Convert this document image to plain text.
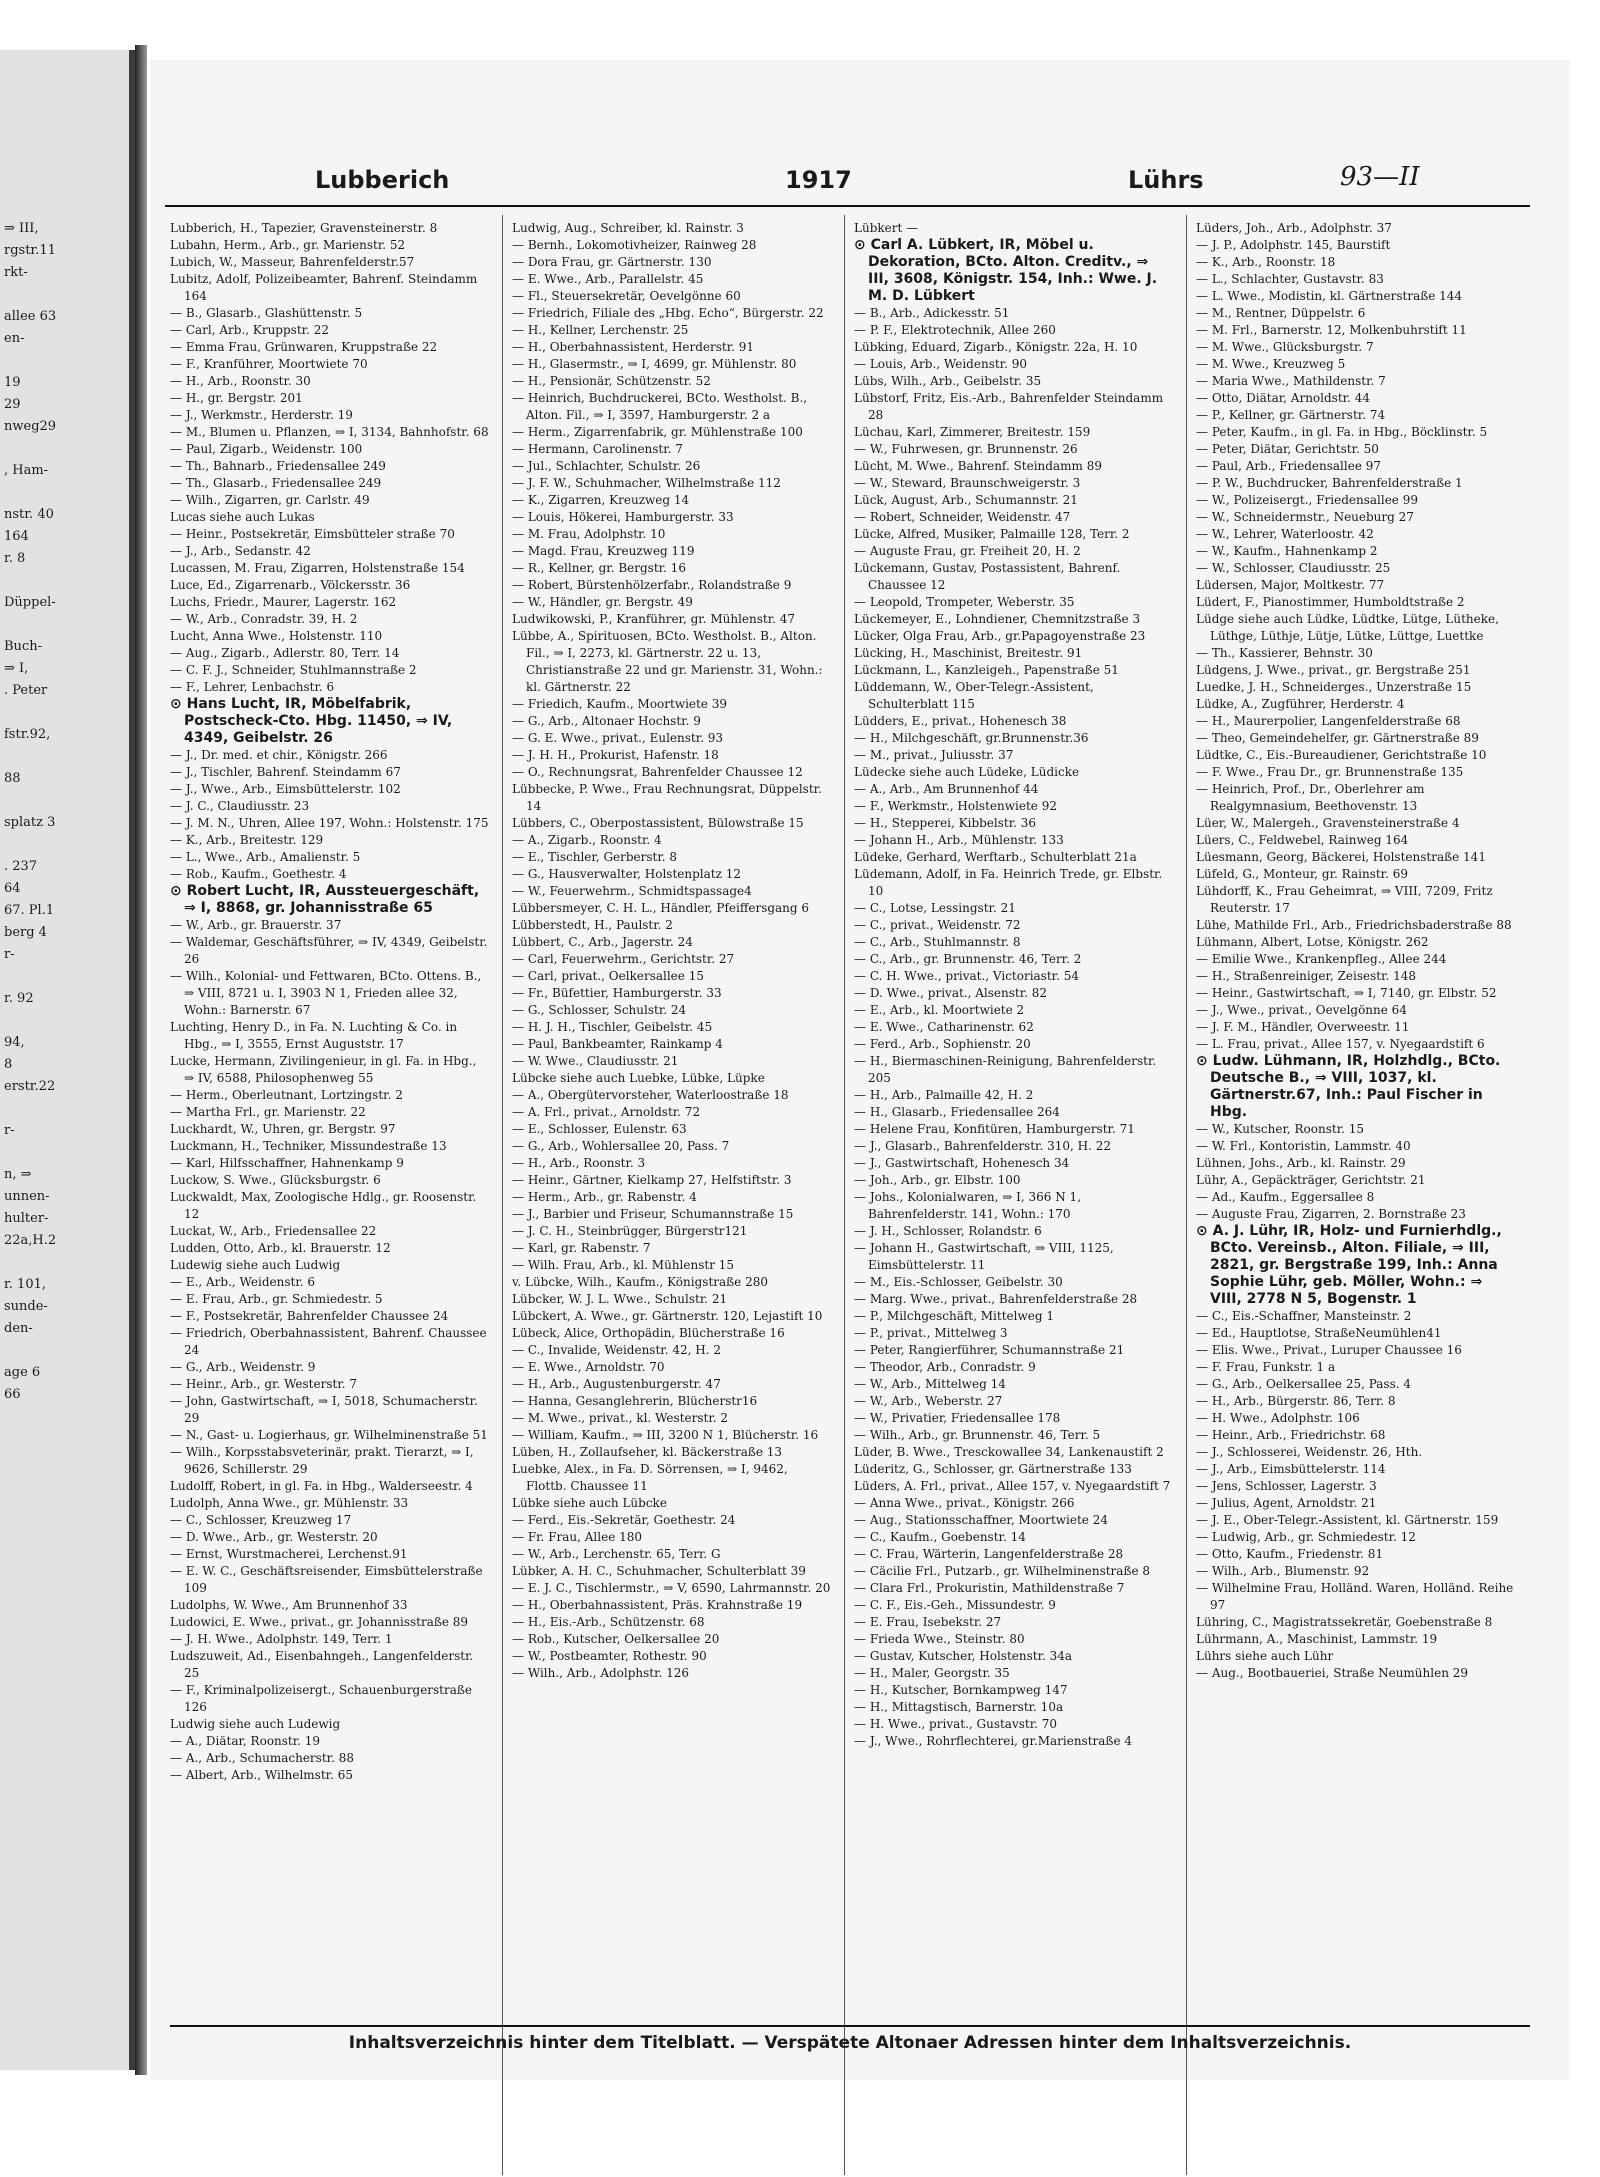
⇒ III,
rgstr.11
rkt-

allee 63
en-

19
29
nweg29

, Ham-

nstr. 40
164
r. 8

Düppel-

Buch-
⇒ I,
. Peter

fstr.92,

88

splatz 3

. 237
64
67. Pl.1
berg 4
r-

r. 92

94,
8
erstr.22

r-

n, ⇒
unnen-
hulter-
22a,H.2

r. 101,
sunde-
den-

age 6
66
Lubberich	1917	Lührs	93—II

Lubberich, H., Tapezier, Gravensteinerstr. 8

Lubahn, Herm., Arb., gr. Marienstr. 52

Lubich, W., Masseur, Bahrenfelderstr.57

Lubitz, Adolf, Polizeibeamter, Bahrenf. Steindamm 164

— B., Glasarb., Glashüttenstr. 5

— Carl, Arb., Kruppstr. 22

— Emma Frau, Grünwaren, Kruppstraße 22

— F., Kranführer, Moortwiete 70

— H., Arb., Roonstr. 30

— H., gr. Bergstr. 201

— J., Werkmstr., Herderstr. 19

— M., Blumen u. Pflanzen, ⇒ I, 3134, Bahnhofstr. 68

— Paul, Zigarb., Weidenstr. 100

— Th., Bahnarb., Friedensallee 249

— Th., Glasarb., Friedensallee 249

— Wilh., Zigarren, gr. Carlstr. 49

Lucas siehe auch Lukas

— Heinr., Postsekretär, Eimsbütteler straße 70

— J., Arb., Sedanstr. 42

Lucassen, M. Frau, Zigarren, Holstenstraße 154

Luce, Ed., Zigarrenarb., Völckersstr. 36

Luchs, Friedr., Maurer, Lagerstr. 162

— W., Arb., Conradstr. 39, H. 2

Lucht, Anna Wwe., Holstenstr. 110

— Aug., Zigarb., Adlerstr. 80, Terr. 14

— C. F. J., Schneider, Stuhlmannstraße 2

— F., Lehrer, Lenbachstr. 6

⊙ Hans Lucht, IR, Möbelfabrik, Postscheck-Cto. Hbg. 11450, ⇒ IV, 4349, Geibelstr. 26

— J., Dr. med. et chir., Königstr. 266

— J., Tischler, Bahrenf. Steindamm 67

— J., Wwe., Arb., Eimsbüttelerstr. 102

— J. C., Claudiusstr. 23

— J. M. N., Uhren, Allee 197, Wohn.: Holstenstr. 175

— K., Arb., Breitestr. 129

— L., Wwe., Arb., Amalienstr. 5

— Rob., Kaufm., Goethestr. 4

⊙ Robert Lucht, IR, Aussteuergeschäft, ⇒ I, 8868, gr. Johannisstraße 65

— W., Arb., gr. Brauerstr. 37

— Waldemar, Geschäftsführer, ⇒ IV, 4349, Geibelstr. 26

— Wilh., Kolonial- und Fettwaren, BCto. Ottens. B., ⇒ VIII, 8721 u. I, 3903 N 1, Frieden allee 32, Wohn.: Barnerstr. 67

Luchting, Henry D., in Fa. N. Luchting & Co. in Hbg., ⇒ I, 3555, Ernst Auguststr. 17

Lucke, Hermann, Zivilingenieur, in gl. Fa. in Hbg., ⇒ IV, 6588, Philosophenweg 55

— Herm., Oberleutnant, Lortzingstr. 2

— Martha Frl., gr. Marienstr. 22

Luckhardt, W., Uhren, gr. Bergstr. 97

Luckmann, H., Techniker, Missundestraße 13

— Karl, Hilfsschaffner, Hahnenkamp 9

Luckow, S. Wwe., Glücksburgstr. 6

Luckwaldt, Max, Zoologische Hdlg., gr. Roosenstr. 12

Luckat, W., Arb., Friedensallee 22

Ludden, Otto, Arb., kl. Brauerstr. 12

Ludewig siehe auch Ludwig

— E., Arb., Weidenstr. 6

— E. Frau, Arb., gr. Schmiedestr. 5

— F., Postsekretär, Bahrenfelder Chaussee 24

— Friedrich, Oberbahnassistent, Bahrenf. Chaussee 24

— G., Arb., Weidenstr. 9

— Heinr., Arb., gr. Westerstr. 7

— John, Gastwirtschaft, ⇒ I, 5018, Schumacherstr. 29

— N., Gast- u. Logierhaus, gr. Wilhelminenstraße 51

— Wilh., Korpsstabsveterinär, prakt. Tierarzt, ⇒ I, 9626, Schillerstr. 29

Ludolff, Robert, in gl. Fa. in Hbg., Walderseestr. 4

Ludolph, Anna Wwe., gr. Mühlenstr. 33

— C., Schlosser, Kreuzweg 17

— D. Wwe., Arb., gr. Westerstr. 20

— Ernst, Wurstmacherei, Lerchenst.91

— E. W. C., Geschäftsreisender, Eimsbüttelerstraße 109

Ludolphs, W. Wwe., Am Brunnenhof 33

Ludowici, E. Wwe., privat., gr. Johannisstraße 89

— J. H. Wwe., Adolphstr. 149, Terr. 1

Ludszuweit, Ad., Eisenbahngeh., Langenfelderstr. 25

— F., Kriminalpolizeisergt., Schauenburgerstraße 126

Ludwig siehe auch Ludewig

— A., Diätar, Roonstr. 19

— A., Arb., Schumacherstr. 88

— Albert, Arb., Wilhelmstr. 65

Ludwig, Aug., Schreiber, kl. Rainstr. 3

— Bernh., Lokomotivheizer, Rainweg 28

— Dora Frau, gr. Gärtnerstr. 130

— E. Wwe., Arb., Parallelstr. 45

— Fl., Steuersekretär, Oevelgönne 60

— Friedrich, Filiale des „Hbg. Echo“, Bürgerstr. 22

— H., Kellner, Lerchenstr. 25

— H., Oberbahnassistent, Herderstr. 91

— H., Glasermstr., ⇒ I, 4699, gr. Mühlenstr. 80

— H., Pensionär, Schützenstr. 52

— Heinrich, Buchdruckerei, BCto. Westholst. B., Alton. Fil., ⇒ I, 3597, Hamburgerstr. 2 a

— Herm., Zigarrenfabrik, gr. Mühlenstraße 100

— Hermann, Carolinenstr. 7

— Jul., Schlachter, Schulstr. 26

— J. F. W., Schuhmacher, Wilhelmstraße 112

— K., Zigarren, Kreuzweg 14

— Louis, Hökerei, Hamburgerstr. 33

— M. Frau, Adolphstr. 10

— Magd. Frau, Kreuzweg 119

— R., Kellner, gr. Bergstr. 16

— Robert, Bürstenhölzerfabr., Rolandstraße 9

— W., Händler, gr. Bergstr. 49

Ludwikowski, P., Kranführer, gr. Mühlenstr. 47

Lübbe, A., Spirituosen, BCto. Westholst. B., Alton. Fil., ⇒ I, 2273, kl. Gärtnerstr. 22 u. 13, Christianstraße 22 und gr. Marienstr. 31, Wohn.: kl. Gärtnerstr. 22

— Friedich, Kaufm., Moortwiete 39

— G., Arb., Altonaer Hochstr. 9

— G. E. Wwe., privat., Eulenstr. 93

— J. H. H., Prokurist, Hafenstr. 18

— O., Rechnungsrat, Bahrenfelder Chaussee 12

Lübbecke, P. Wwe., Frau Rechnungsrat, Düppelstr. 14

Lübbers, C., Oberpostassistent, Bülowstraße 15

— A., Zigarb., Roonstr. 4

— E., Tischler, Gerberstr. 8

— G., Hausverwalter, Holstenplatz 12

— W., Feuerwehrm., Schmidtspassage4

Lübbersmeyer, C. H. L., Händler, Pfeiffersgang 6

Lübberstedt, H., Paulstr. 2

Lübbert, C., Arb., Jagerstr. 24

— Carl, Feuerwehrm., Gerichtstr. 27

— Carl, privat., Oelkersallee 15

— Fr., Büfettier, Hamburgerstr. 33

— G., Schlosser, Schulstr. 24

— H. J. H., Tischler, Geibelstr. 45

— Paul, Bankbeamter, Rainkamp 4

— W. Wwe., Claudiusstr. 21

Lübcke siehe auch Luebke, Lübke, Lüpke

— A., Obergütervorsteher, Waterloostraße 18

— A. Frl., privat., Arnoldstr. 72

— E., Schlosser, Eulenstr. 63

— G., Arb., Wohlersallee 20, Pass. 7

— H., Arb., Roonstr. 3

— Heinr., Gärtner, Kielkamp 27, Helfstiftstr. 3

— Herm., Arb., gr. Rabenstr. 4

— J., Barbier und Friseur, Schumannstraße 15

— J. C. H., Steinbrügger, Bürgerstr121

— Karl, gr. Rabenstr. 7

— Wilh. Frau, Arb., kl. Mühlenstr 15

v. Lübcke, Wilh., Kaufm., Königstraße 280

Lübcker, W. J. L. Wwe., Schulstr. 21

Lübckert, A. Wwe., gr. Gärtnerstr. 120, Lejastift 10

Lübeck, Alice, Orthopädin, Blücherstraße 16

— C., Invalide, Weidenstr. 42, H. 2

— E. Wwe., Arnoldstr. 70

— H., Arb., Augustenburgerstr. 47

— Hanna, Gesanglehrerin, Blücherstr16

— M. Wwe., privat., kl. Westerstr. 2

— William, Kaufm., ⇒ III, 3200 N 1, Blücherstr. 16

Lüben, H., Zollaufseher, kl. Bäckerstraße 13

Luebke, Alex., in Fa. D. Sörrensen, ⇒ I, 9462, Flottb. Chaussee 11

Lübke siehe auch Lübcke

— Ferd., Eis.-Sekretär, Goethestr. 24

— Fr. Frau, Allee 180

— W., Arb., Lerchenstr. 65, Terr. G

Lübker, A. H. C., Schuhmacher, Schulterblatt 39

— E. J. C., Tischlermstr., ⇒ V, 6590, Lahrmannstr. 20

— H., Oberbahnassistent, Präs. Krahnstraße 19

— H., Eis.-Arb., Schützenstr. 68

— Rob., Kutscher, Oelkersallee 20

— W., Postbeamter, Rothestr. 90

— Wilh., Arb., Adolphstr. 126

Lübkert —

⊙ Carl A. Lübkert, IR, Möbel u. Dekoration, BCto. Alton. Creditv., ⇒ III, 3608, Königstr. 154, Inh.: Wwe. J. M. D. Lübkert

— B., Arb., Adickesstr. 51

— P. F., Elektrotechnik, Allee 260

Lübking, Eduard, Zigarb., Königstr. 22a, H. 10

— Louis, Arb., Weidenstr. 90

Lübs, Wilh., Arb., Geibelstr. 35

Lübstorf, Fritz, Eis.-Arb., Bahrenfelder Steindamm 28

Lüchau, Karl, Zimmerer, Breitestr. 159

— W., Fuhrwesen, gr. Brunnenstr. 26

Lücht, M. Wwe., Bahrenf. Steindamm 89

— W., Steward, Braunschweigerstr. 3

Lück, August, Arb., Schumannstr. 21

— Robert, Schneider, Weidenstr. 47

Lücke, Alfred, Musiker, Palmaille 128, Terr. 2

— Auguste Frau, gr. Freiheit 20, H. 2

Lückemann, Gustav, Postassistent, Bahrenf. Chaussee 12

— Leopold, Trompeter, Weberstr. 35

Lückemeyer, E., Lohndiener, Chemnitzstraße 3

Lücker, Olga Frau, Arb., gr.Papagoyenstraße 23

Lücking, H., Maschinist, Breitestr. 91

Lückmann, L., Kanzleigeh., Papenstraße 51

Lüddemann, W., Ober-Telegr.-Assistent, Schulterblatt 115

Lüdders, E., privat., Hohenesch 38

— H., Milchgeschäft, gr.Brunnenstr.36

— M., privat., Juliusstr. 37

Lüdecke siehe auch Lüdeke, Lüdicke

— A., Arb., Am Brunnenhof 44

— F., Werkmstr., Holstenwiete 92

— H., Stepperei, Kibbelstr. 36

— Johann H., Arb., Mühlenstr. 133

Lüdeke, Gerhard, Werftarb., Schulterblatt 21a

Lüdemann, Adolf, in Fa. Heinrich Trede, gr. Elbstr. 10

— C., Lotse, Lessingstr. 21

— C., privat., Weidenstr. 72

— C., Arb., Stuhlmannstr. 8

— C., Arb., gr. Brunnenstr. 46, Terr. 2

— C. H. Wwe., privat., Victoriastr. 54

— D. Wwe., privat., Alsenstr. 82

— E., Arb., kl. Moortwiete 2

— E. Wwe., Catharinenstr. 62

— Ferd., Arb., Sophienstr. 20

— H., Biermaschinen-Reinigung, Bahrenfelderstr. 205

— H., Arb., Palmaille 42, H. 2

— H., Glasarb., Friedensallee 264

— Helene Frau, Konfitüren, Hamburgerstr. 71

— J., Glasarb., Bahrenfelderstr. 310, H. 22

— J., Gastwirtschaft, Hohenesch 34

— Joh., Arb., gr. Elbstr. 100

— Johs., Kolonialwaren, ⇒ I, 366 N 1, Bahrenfelderstr. 141, Wohn.: 170

— J. H., Schlosser, Rolandstr. 6

— Johann H., Gastwirtschaft, ⇒ VIII, 1125, Eimsbüttelerstr. 11

— M., Eis.-Schlosser, Geibelstr. 30

— Marg. Wwe., privat., Bahrenfelderstraße 28

— P., Milchgeschäft, Mittelweg 1

— P., privat., Mittelweg 3

— Peter, Rangierführer, Schumannstraße 21

— Theodor, Arb., Conradstr. 9

— W., Arb., Mittelweg 14

— W., Arb., Weberstr. 27

— W., Privatier, Friedensallee 178

— Wilh., Arb., gr. Brunnenstr. 46, Terr. 5

Lüder, B. Wwe., Tresckowallee 34, Lankenaustift 2

Lüderitz, G., Schlosser, gr. Gärtnerstraße 133

Lüders, A. Frl., privat., Allee 157, v. Nyegaardstift 7

— Anna Wwe., privat., Königstr. 266

— Aug., Stationsschaffner, Moortwiete 24

— C., Kaufm., Goebenstr. 14

— C. Frau, Wärterin, Langenfelderstraße 28

— Cäcilie Frl., Putzarb., gr. Wilhelminenstraße 8

— Clara Frl., Prokuristin, Mathildenstraße 7

— C. F., Eis.-Geh., Missundestr. 9

— E. Frau, Isebekstr. 27

— Frieda Wwe., Steinstr. 80

— Gustav, Kutscher, Holstenstr. 34a

— H., Maler, Georgstr. 35

— H., Kutscher, Bornkampweg 147

— H., Mittagstisch, Barnerstr. 10a

— H. Wwe., privat., Gustavstr. 70

— J., Wwe., Rohrflechterei, gr.Marienstraße 4

Lüders, Joh., Arb., Adolphstr. 37

— J. P., Adolphstr. 145, Baurstift

— K., Arb., Roonstr. 18

— L., Schlachter, Gustavstr. 83

— L. Wwe., Modistin, kl. Gärtnerstraße 144

— M., Rentner, Düppelstr. 6

— M. Frl., Barnerstr. 12, Molkenbuhrstift 11

— M. Wwe., Glücksburgstr. 7

— M. Wwe., Kreuzweg 5

— Maria Wwe., Mathildenstr. 7

— Otto, Diätar, Arnoldstr. 44

— P., Kellner, gr. Gärtnerstr. 74

— Peter, Kaufm., in gl. Fa. in Hbg., Böcklinstr. 5

— Peter, Diätar, Gerichtstr. 50

— Paul, Arb., Friedensallee 97

— P. W., Buchdrucker, Bahrenfelderstraße 1

— W., Polizeisergt., Friedensallee 99

— W., Schneidermstr., Neueburg 27

— W., Lehrer, Waterloostr. 42

— W., Kaufm., Hahnenkamp 2

— W., Schlosser, Claudiusstr. 25

Lüdersen, Major, Moltkestr. 77

Lüdert, F., Pianostimmer, Humboldtstraße 2

Lüdge siehe auch Lüdke, Lüdtke, Lütge, Lütheke, Lüthge, Lüthje, Lütje, Lütke, Lüttge, Luettke

— Th., Kassierer, Behnstr. 30

Lüdgens, J. Wwe., privat., gr. Bergstraße 251

Luedke, J. H., Schneiderges., Unzerstraße 15

Lüdke, A., Zugführer, Herderstr. 4

— H., Maurerpolier, Langenfelderstraße 68

— Theo, Gemeindehelfer, gr. Gärtnerstraße 89

Lüdtke, C., Eis.-Bureaudiener, Gerichtstraße 10

— F. Wwe., Frau Dr., gr. Brunnenstraße 135

— Heinrich, Prof., Dr., Oberlehrer am Realgymnasium, Beethovenstr. 13

Lüer, W., Malergeh., Gravensteinerstraße 4

Lüers, C., Feldwebel, Rainweg 164

Lüesmann, Georg, Bäckerei, Holstenstraße 141

Lüfeld, G., Monteur, gr. Rainstr. 69

Lühdorff, K., Frau Geheimrat, ⇒ VIII, 7209, Fritz Reuterstr. 17

Lühe, Mathilde Frl., Arb., Friedrichsbaderstraße 88

Lühmann, Albert, Lotse, Königstr. 262

— Emilie Wwe., Krankenpfleg., Allee 244

— H., Straßenreiniger, Zeisestr. 148

— Heinr., Gastwirtschaft, ⇒ I, 7140, gr. Elbstr. 52

— J., Wwe., privat., Oevelgönne 64

— J. F. M., Händler, Overweestr. 11

— L. Frau, privat., Allee 157, v. Nyegaardstift 6

⊙ Ludw. Lühmann, IR, Holzhdlg., BCto. Deutsche B., ⇒ VIII, 1037, kl. Gärtnerstr.67, Inh.: Paul Fischer in Hbg.

— W., Kutscher, Roonstr. 15

— W. Frl., Kontoristin, Lammstr. 40

Lühnen, Johs., Arb., kl. Rainstr. 29

Lühr, A., Gepäckträger, Gerichtstr. 21

— Ad., Kaufm., Eggersallee 8

— Auguste Frau, Zigarren, 2. Bornstraße 23

⊙ A. J. Lühr, IR, Holz- und Furnierhdlg., BCto. Vereinsb., Alton. Filiale, ⇒ III, 2821, gr. Bergstraße 199, Inh.: Anna Sophie Lühr, geb. Möller, Wohn.: ⇒ VIII, 2778 N 5, Bogenstr. 1

— C., Eis.-Schaffner, Mansteinstr. 2

— Ed., Hauptlotse, StraßeNeumühlen41

— Elis. Wwe., Privat., Luruper Chaussee 16

— F. Frau, Funkstr. 1 a

— G., Arb., Oelkersallee 25, Pass. 4

— H., Arb., Bürgerstr. 86, Terr. 8

— H. Wwe., Adolphstr. 106

— Heinr., Arb., Friedrichstr. 68

— J., Schlosserei, Weidenstr. 26, Hth.

— J., Arb., Eimsbüttelerstr. 114

— Jens, Schlosser, Lagerstr. 3

— Julius, Agent, Arnoldstr. 21

— J. E., Ober-Telegr.-Assistent, kl. Gärtnerstr. 159

— Ludwig, Arb., gr. Schmiedestr. 12

— Otto, Kaufm., Friedenstr. 81

— Wilh., Arb., Blumenstr. 92

— Wilhelmine Frau, Holländ. Waren, Holländ. Reihe 97

Lühring, C., Magistratssekretär, Goebenstraße 8

Lührmann, A., Maschinist, Lammstr. 19

Lührs siehe auch Lühr

— Aug., Bootbaueriei, Straße Neumühlen 29

Inhaltsverzeichnis hinter dem Titelblatt. — Verspätete Altonaer Adressen hinter dem Inhaltsverzeichnis.
